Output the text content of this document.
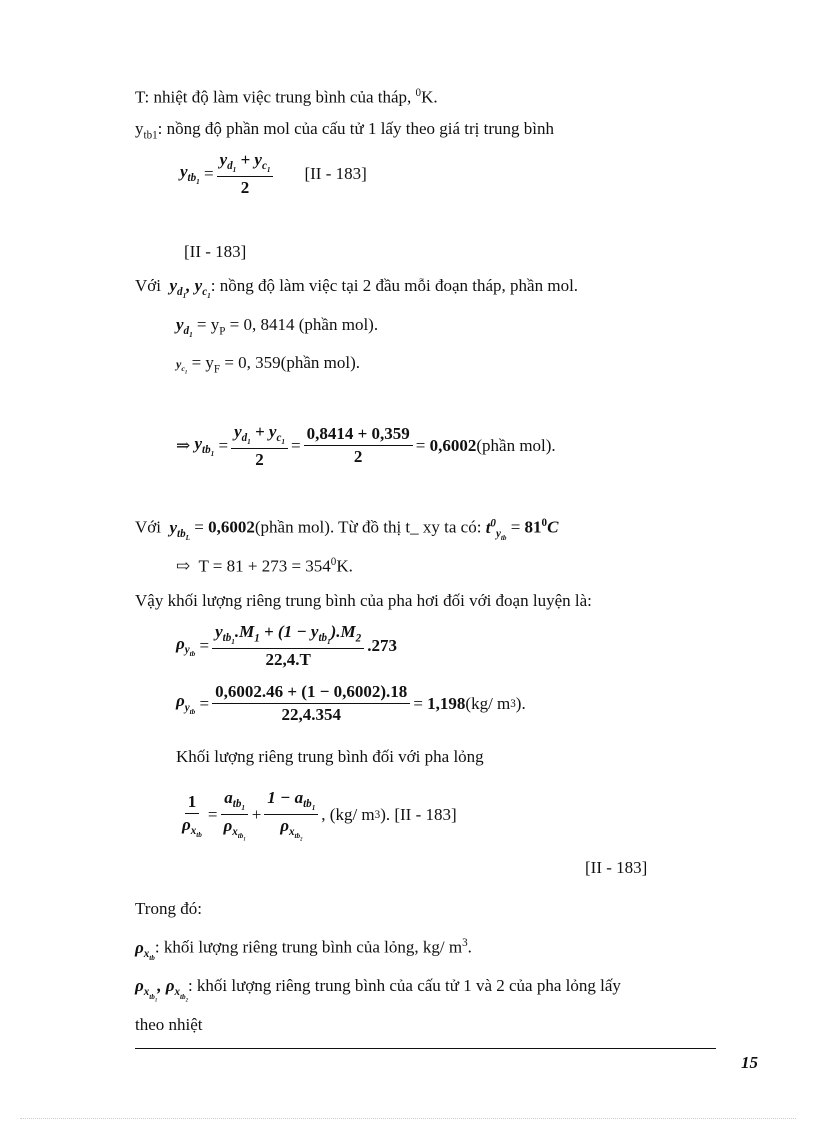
T: nhiệt độ làm việc trung bình của tháp, $^0$K.
$y_{tb1}$: nồng độ phần mol của cấu tử 1 lấy theo giá trị trung bình
$y_{tb_1} = \frac{y_{d_1} + y_{c_1}}{2} [II - 183]$
[II - 183]
Với $y_{d_1}$, $y_{c_1}$: nồng độ làm việc tại 2 đầu mỗi đoạn tháp, phần mol.
$y_{d_1} = y_P = 0$, 8414 (phần mol).
$y_{c_1} = y_F = 0$, 359(phần mol).
⇒ $y_{tb_1} = \frac{y_{d_1} + y_{c_1}}{2} = \frac{0,8414 + 0,359}{2} = 0,6002$ (phần mol).
Với $y_{tb_L}$ = 0,6002(phần mol). Từ đồ thị t_ xy ta có: $t^0_{y_{tb}} = 81^0C$
⇨ $T = 81 + 273 = 354^0K$.
Vậy khối lượng riêng trung bình của pha hơi đối với đoạn luyện là:
$\rho_{y_{tb}} = \frac{y_{tb_1}.M_1 + (1 - y_{tb_1}).M_2}{22,4.T} .273$
$\rho_{y_{tb}} = \frac{0,6002.46 + (1 - 0,6002).18}{22,4.354} = 1,198$ (kg/ m 3 ).
Khối lượng riêng trung bình đối với pha lỏng
$\frac{1}{\rho_{x_{tb}}} = \frac{a_{tb_1}}{\rho_{x_{tb_1}}} + \frac{1 - a_{tb_1}}{\rho_{x_{tb_2}}}$ , (kg/ m 3 ). [II - 183]
[II - 183]
Trong đó:
$\rho_{x_{tb}}$: khối lượng riêng trung bình của lỏng, kg/ $m^3$.
$\rho_{x_{tb_1}}$, $\rho_{x_{tb_2}}$: khối lượng riêng trung bình của cấu tử 1 và 2 của pha lỏng lấy
theo nhiệt
15
